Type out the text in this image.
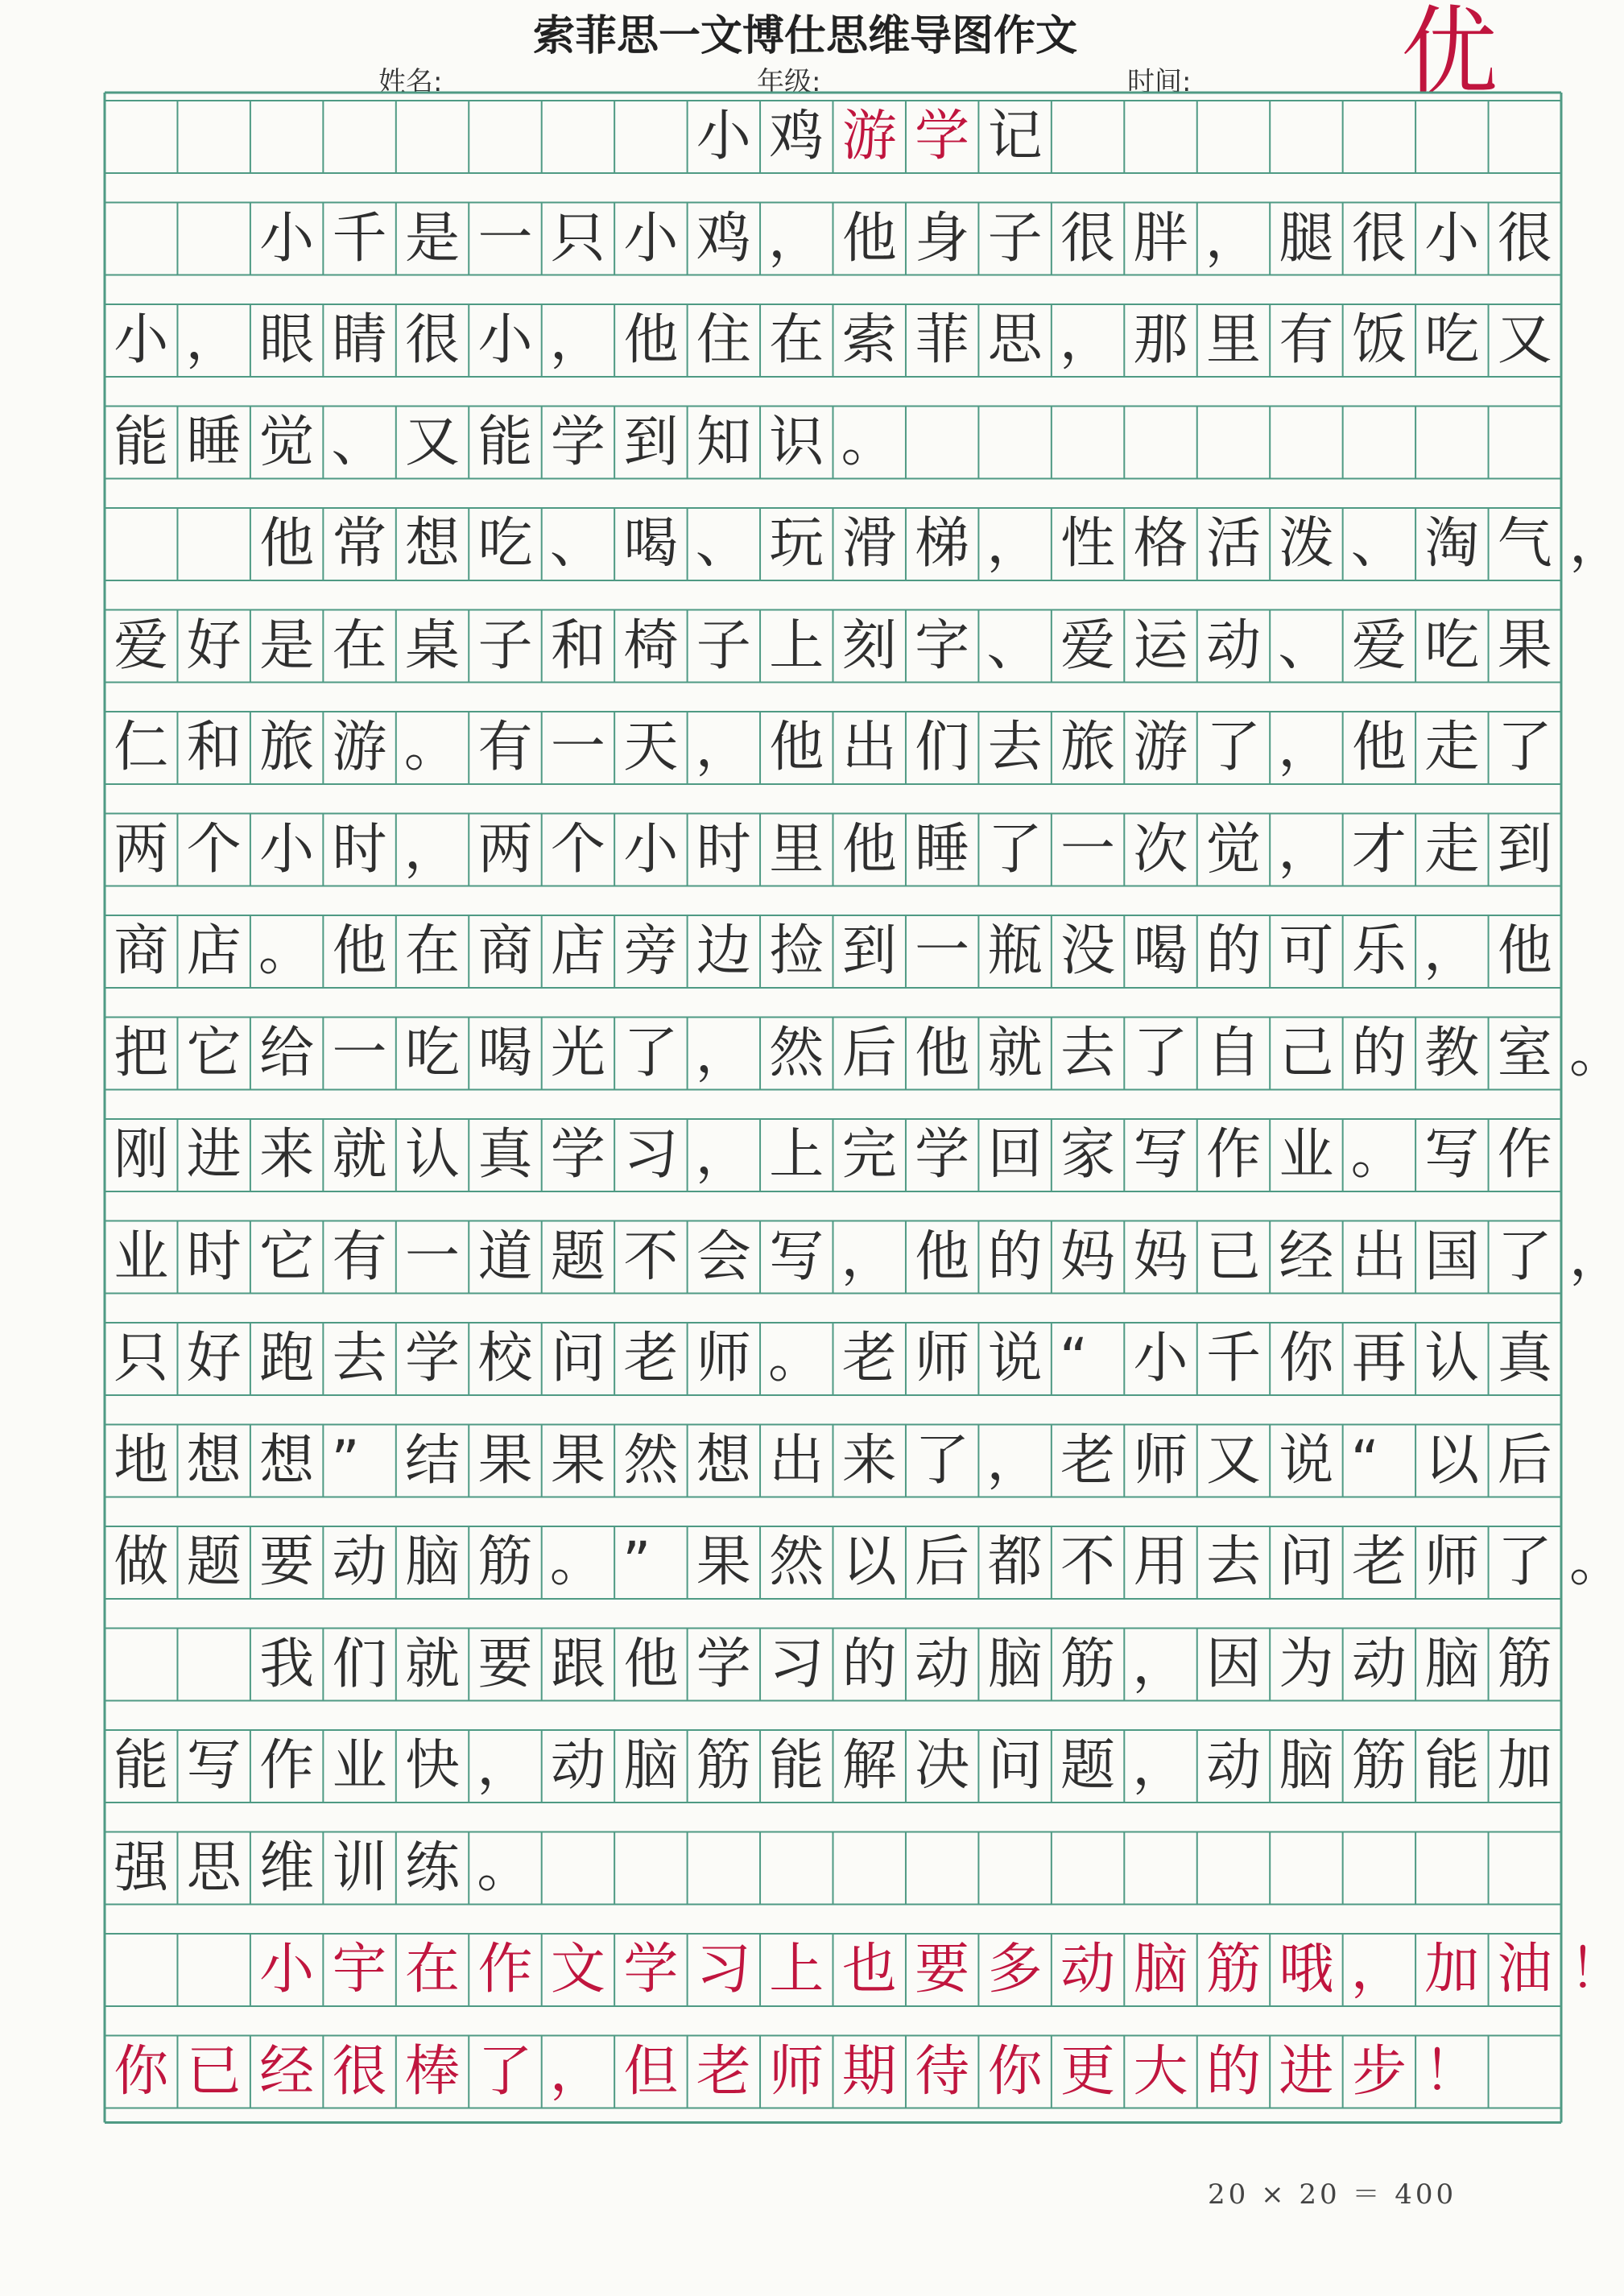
索菲思一文博仕思维导图作文
姓名:	年级:	时间: 优
小 鸡 游 学 记
小 千 是 一 只 小 鸡 ， 他 身 子 很 胖 ， 腿 很 小 很
小 ， 眼 睛 很 小 ， 他 住 在 索 菲 思 ， 那 里 有 饭 吃 又
能 睡 觉 、 又 能 学 到 知 识 。
他 常 想 吃 、 喝 、 玩 滑 梯 ， 性 格 活 泼 、 淘 气 ，
爱 好 是 在 桌 子 和 椅 子 上 刻 字 、 爱 运 动 、 爱 吃 果
仁 和 旅 游 。 有 一 天 ， 他 出 们 去 旅 游 了 ， 他 走 了
两 个 小 时 ， 两 个 小 时 里 他 睡 了 一 次 觉 ， 才 走 到
商 店 。 他 在 商 店 旁 边 捡 到 一 瓶 没 喝 的 可 乐 ， 他
把 它 给 一 吃 喝 光 了 ， 然 后 他 就 去 了 自 己 的 教 室 。
刚 进 来 就 认 真 学 习 ， 上 完 学 回 家 写 作 业 。 写 作
业 时 它 有 一 道 题 不 会 写 ， 他 的 妈 妈 已 经 出 国 了 ，
只 好 跑 去 学 校 问 老 师 。 老 师 说 “ 小 千 你 再 认 真
地 想 想 ” 结 果 果 然 想 出 来 了 ， 老 师 又 说 “ 以 后
做 题 要 动 脑 筋 。 ” 果 然 以 后 都 不 用 去 问 老 师 了 。
我 们 就 要 跟 他 学 习 的 动 脑 筋 ， 因 为 动 脑 筋
能 写 作 业 快 ， 动 脑 筋 能 解 决 问 题 ， 动 脑 筋 能 加
强 思 维 训 练 。
小 宇 在 作 文 学 习 上 也 要 多 动 脑 筋 哦 ， 加 油 ！
你 已 经 很 棒 了 ， 但 老 师 期 待 你 更 大 的 进 步 ！
20 × 20 ＝ 400
